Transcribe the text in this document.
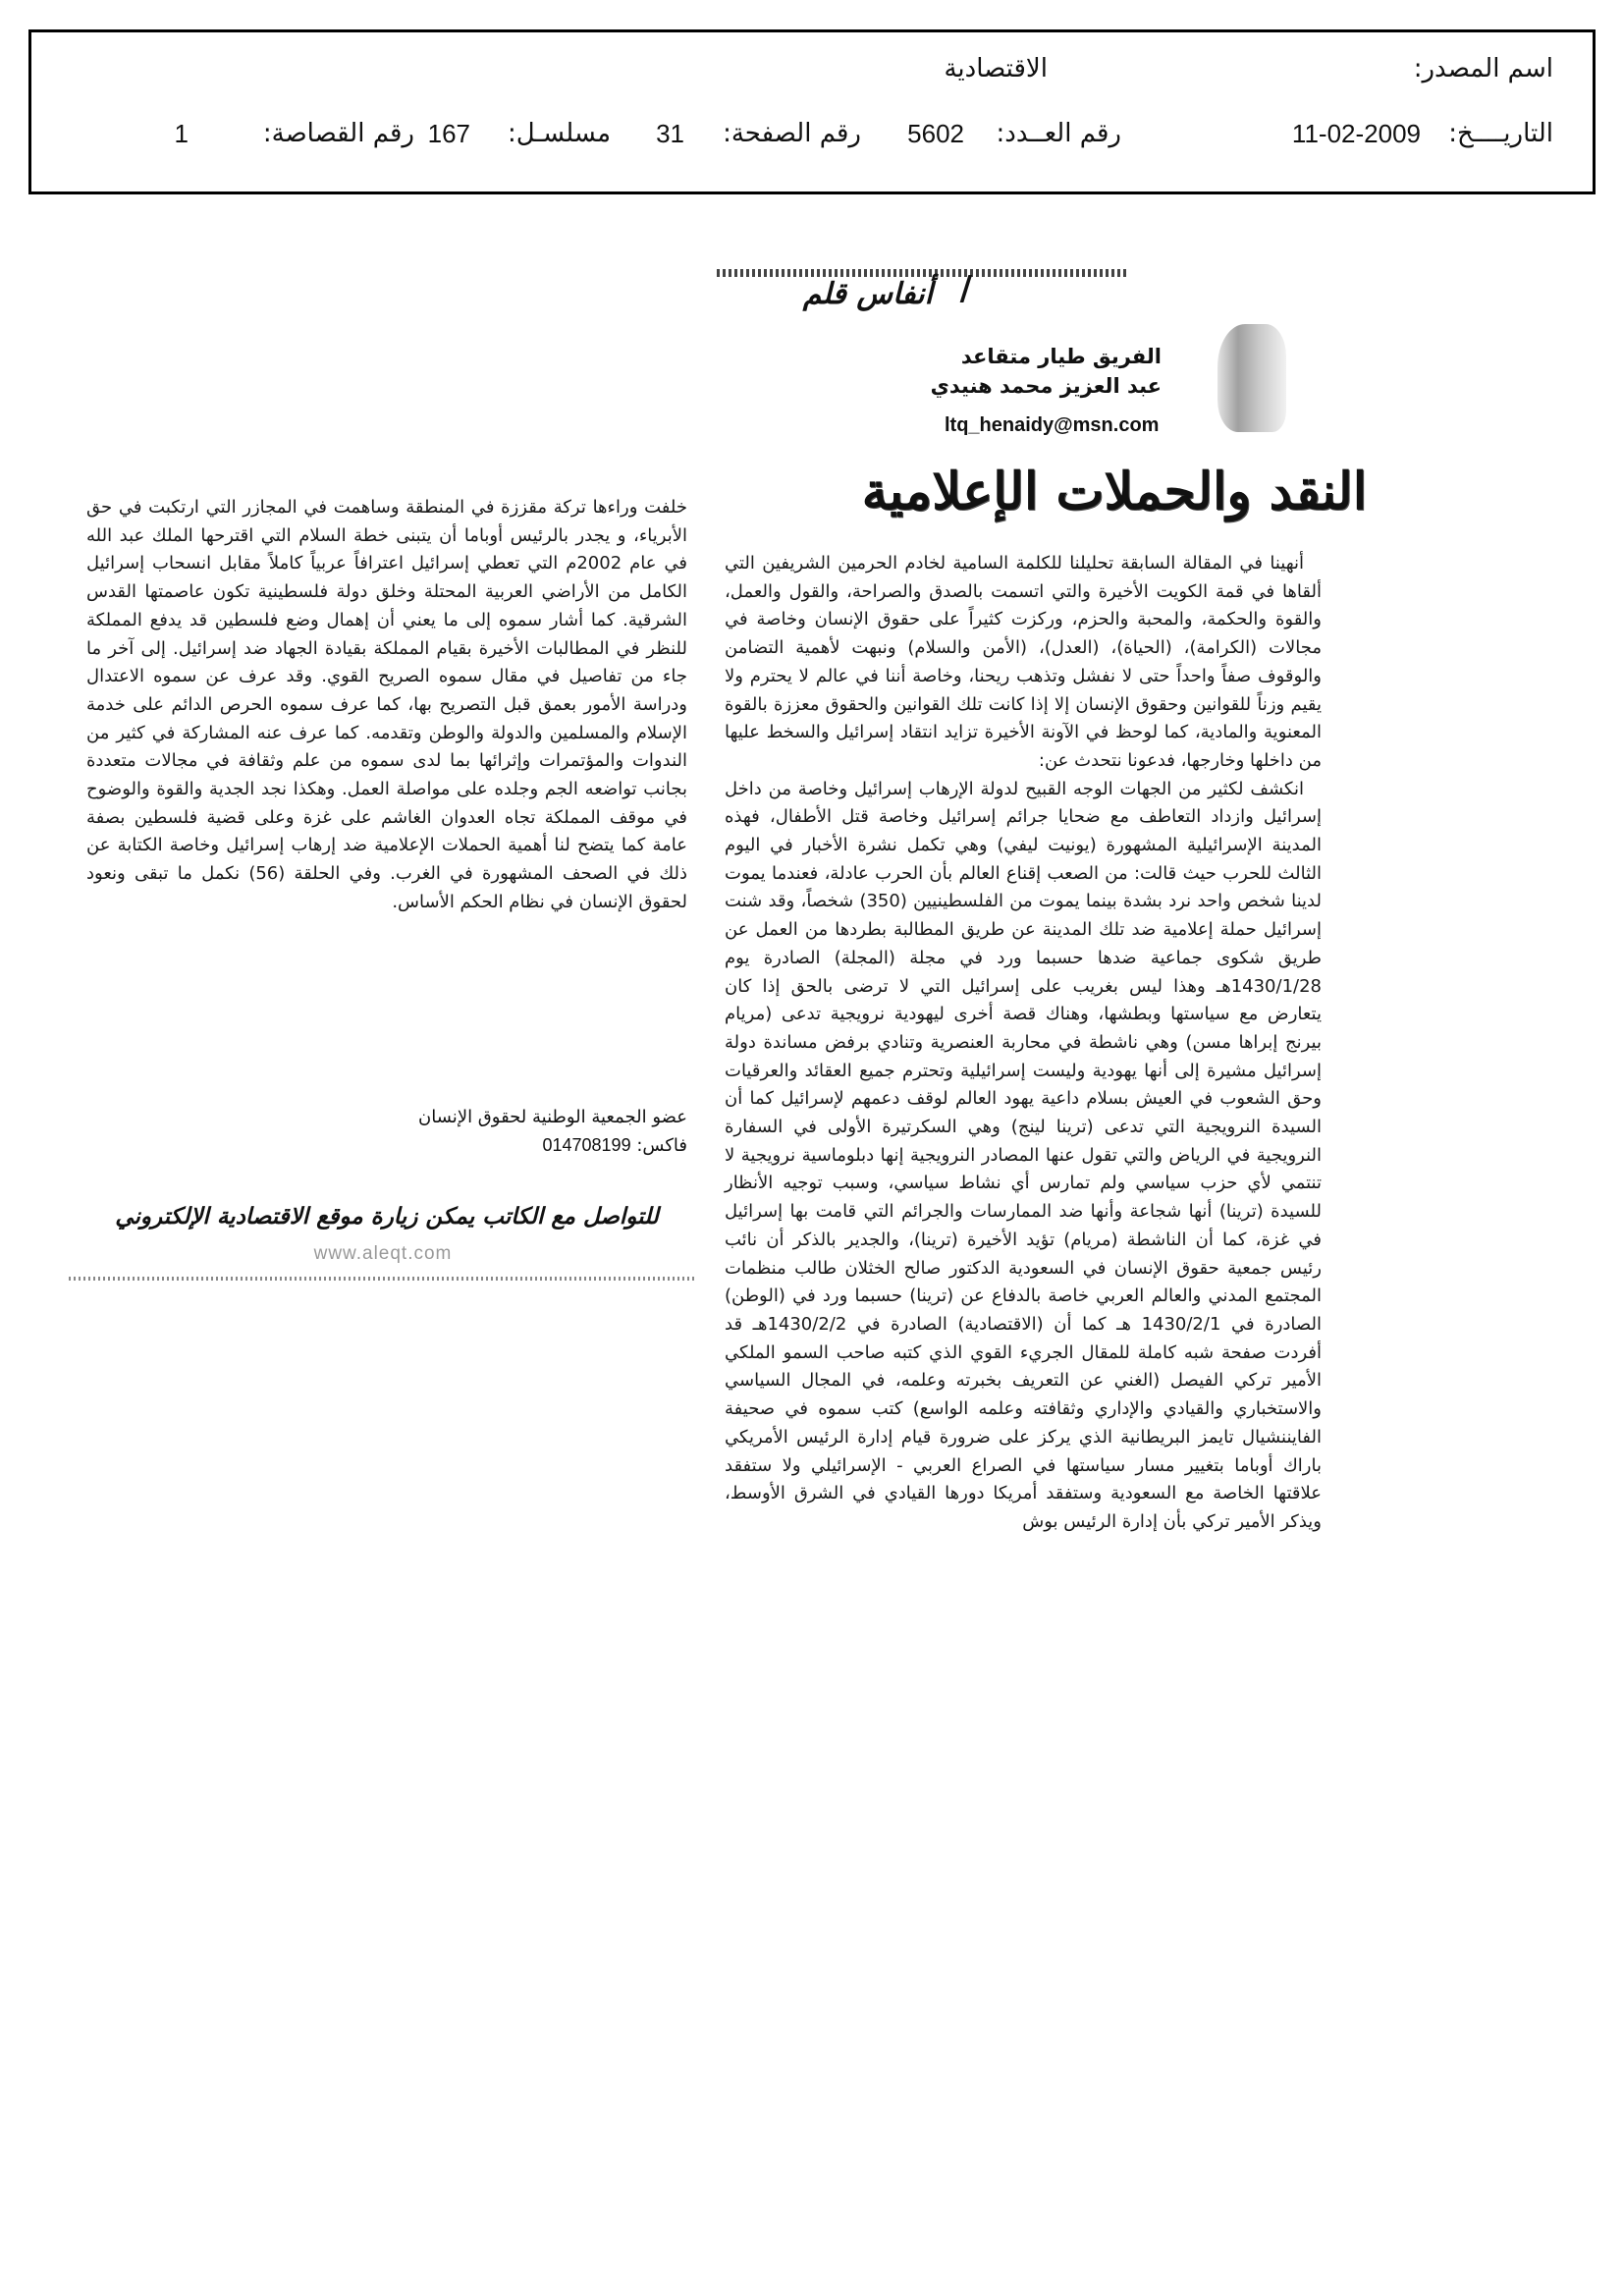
اسم المصدر:
الاقتصادية
التاريــــخ:
11-02-2009
رقم العــدد:
5602
رقم الصفحة:
31
مسلسـل:
167
رقم القصاصة:
1
/
أنفاس قلم
الفريق طيار متقاعد
عبد العزيز محمد هنيدي
ltq_henaidy@msn.com
النقد والحملات الإعلامية

أنهينا في المقالة السابقة تحليلنا للكلمة السامية لخادم الحرمين الشريفين التي ألقاها في قمة الكويت الأخيرة والتي اتسمت بالصدق والصراحة، والقول والعمل، والقوة والحكمة، والمحبة والحزم، وركزت كثيراً على حقوق الإنسان وخاصة في مجالات (الكرامة)، (الحياة)، (العدل)، (الأمن والسلام) ونبهت لأهمية التضامن والوقوف صفاً واحداً حتى لا نفشل وتذهب ريحنا، وخاصة أننا في عالم لا يحترم ولا يقيم وزناً للقوانين وحقوق الإنسان إلا إذا كانت تلك القوانين والحقوق معززة بالقوة المعنوية والمادية، كما لوحظ في الآونة الأخيرة تزايد انتقاد إسرائيل والسخط عليها من داخلها وخارجها، فدعونا نتحدث عن:

انكشف لكثير من الجهات الوجه القبيح لدولة الإرهاب إسرائيل وخاصة من داخل إسرائيل وازداد التعاطف مع ضحايا جرائم إسرائيل وخاصة قتل الأطفال، فهذه المدينة الإسرائيلية المشهورة (يونيت ليفي) وهي تكمل نشرة الأخبار في اليوم الثالث للحرب حيث قالت: من الصعب إقناع العالم بأن الحرب عادلة، فعندما يموت لدينا شخص واحد نرد بشدة بينما يموت من الفلسطينيين (350) شخصاً، وقد شنت إسرائيل حملة إعلامية ضد تلك المدينة عن طريق المطالبة بطردها من العمل عن طريق شكوى جماعية ضدها حسبما ورد في مجلة (المجلة) الصادرة يوم 1430/1/28هـ وهذا ليس بغريب على إسرائيل التي لا ترضى بالحق إذا كان يتعارض مع سياستها وبطشها، وهناك قصة أخرى ليهودية نرويجية تدعى (مريام بيرنج إبراها مسن) وهي ناشطة في محاربة العنصرية وتنادي برفض مساندة دولة إسرائيل مشيرة إلى أنها يهودية وليست إسرائيلية وتحترم جميع العقائد والعرقيات وحق الشعوب في العيش بسلام داعية يهود العالم لوقف دعمهم لإسرائيل كما أن السيدة النرويجية التي تدعى (ترينا لينج) وهي السكرتيرة الأولى في السفارة النرويجية في الرياض والتي تقول عنها المصادر النرويجية إنها دبلوماسية نرويجية لا تنتمي لأي حزب سياسي ولم تمارس أي نشاط سياسي، وسبب توجيه الأنظار للسيدة (ترينا) أنها شجاعة وأنها ضد الممارسات والجرائم التي قامت بها إسرائيل في غزة، كما أن الناشطة (مريام) تؤيد الأخيرة (ترينا)، والجدير بالذكر أن نائب رئيس جمعية حقوق الإنسان في السعودية الدكتور صالح الخثلان طالب منظمات المجتمع المدني والعالم العربي خاصة بالدفاع عن (ترينا) حسبما ورد في (الوطن) الصادرة في 1430/2/1 هـ كما أن (الاقتصادية) الصادرة في 1430/2/2هـ قد أفردت صفحة شبه كاملة للمقال الجريء القوي الذي كتبه صاحب السمو الملكي الأمير تركي الفيصل (الغني عن التعريف بخبرته وعلمه، في المجال السياسي والاستخباري والقيادي والإداري وثقافته وعلمه الواسع) كتب سموه في صحيفة الفايننشيال تايمز البريطانية الذي يركز على ضرورة قيام إدارة الرئيس الأمريكي باراك أوباما بتغيير مسار سياستها في الصراع العربي - الإسرائيلي ولا ستفقد علاقتها الخاصة مع السعودية وستفقد أمريكا دورها القيادي في الشرق الأوسط، ويذكر الأمير تركي بأن إدارة الرئيس بوش

خلفت وراءها تركة مقززة في المنطقة وساهمت في المجازر التي ارتكبت في حق الأبرياء، و يجدر بالرئيس أوباما أن يتبنى خطة السلام التي اقترحها الملك عبد الله في عام 2002م التي تعطي إسرائيل اعترافاً عربياً كاملاً مقابل انسحاب إسرائيل الكامل من الأراضي العربية المحتلة وخلق دولة فلسطينية تكون عاصمتها القدس الشرقية. كما أشار سموه إلى ما يعني أن إهمال وضع فلسطين قد يدفع المملكة للنظر في المطالبات الأخيرة بقيام المملكة بقيادة الجهاد ضد إسرائيل. إلى آخر ما جاء من تفاصيل في مقال سموه الصريح القوي. وقد عرف عن سموه الاعتدال ودراسة الأمور بعمق قبل التصريح بها، كما عرف سموه الحرص الدائم على خدمة الإسلام والمسلمين والدولة والوطن وتقدمه. كما عرف عنه المشاركة في كثير من الندوات والمؤتمرات وإثرائها بما لدى سموه من علم وثقافة في مجالات متعددة بجانب تواضعه الجم وجلده على مواصلة العمل. وهكذا نجد الجدية والقوة والوضوح في موقف المملكة تجاه العدوان الغاشم على غزة وعلى قضية فلسطين بصفة عامة كما يتضح لنا أهمية الحملات الإعلامية ضد إرهاب إسرائيل وخاصة الكتابة عن ذلك في الصحف المشهورة في الغرب. وفي الحلقة (56) نكمل ما تبقى ونعود لحقوق الإنسان في نظام الحكم الأساس.

عضو الجمعية الوطنية لحقوق الإنسان
فاكس: 014708199
للتواصل مع الكاتب يمكن زيارة موقع الاقتصادية الإلكتروني
www.aleqt.com
